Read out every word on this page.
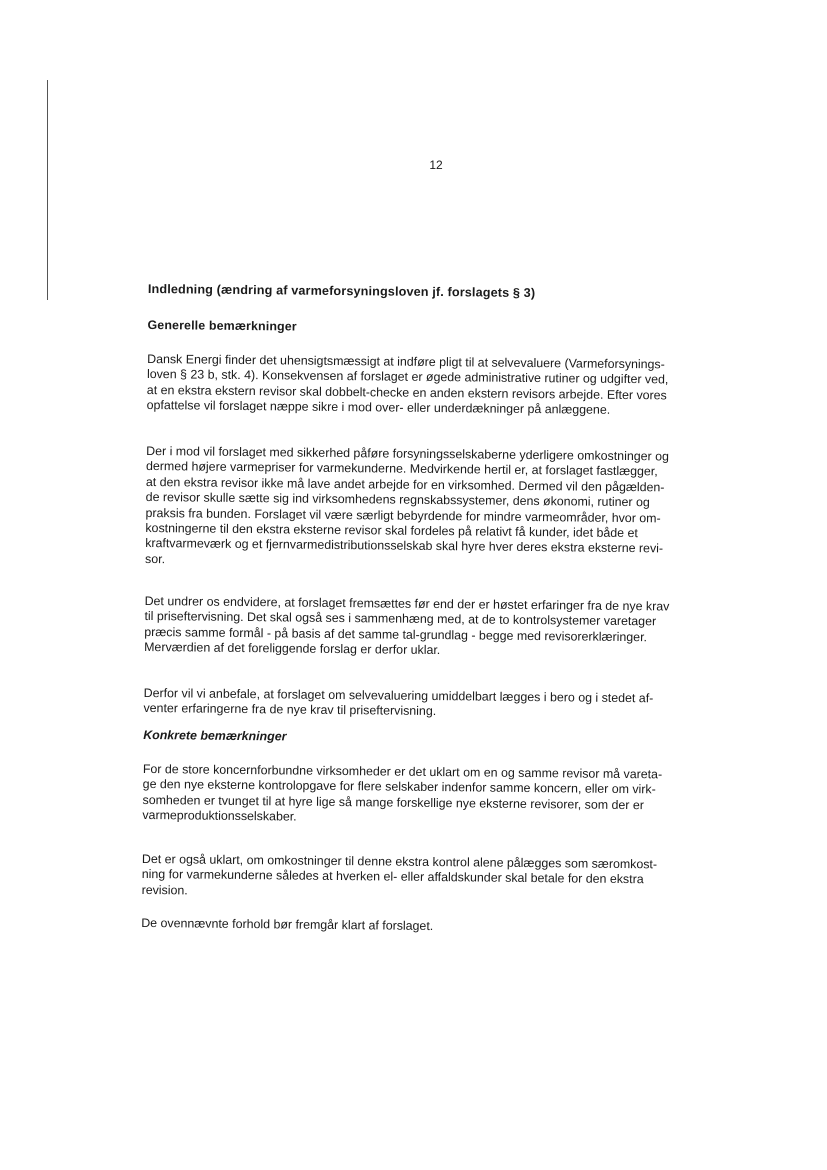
12
Indledning (ændring af varmeforsyningsloven jf. forslagets § 3)
Generelle bemærkninger
Dansk Energi finder det uhensigtsmæssigt at indføre pligt til at selvevaluere (Varmeforsynings-
loven § 23 b, stk. 4). Konsekvensen af forslaget er øgede administrative rutiner og udgifter ved,
at en ekstra ekstern revisor skal dobbelt-checke en anden ekstern revisors arbejde. Efter vores
opfattelse vil forslaget næppe sikre i mod over- eller underdækninger på anlæggene.
Der i mod vil forslaget med sikkerhed påføre forsyningsselskaberne yderligere omkostninger og
dermed højere varmepriser for varmekunderne. Medvirkende hertil er, at forslaget fastlægger,
at den ekstra revisor ikke må lave andet arbejde for en virksomhed. Dermed vil den pågælden-
de revisor skulle sætte sig ind virksomhedens regnskabssystemer, dens økonomi, rutiner og
praksis fra bunden. Forslaget vil være særligt bebyrdende for mindre varmeområder, hvor om-
kostningerne til den ekstra eksterne revisor skal fordeles på relativt få kunder, idet både et
kraftvarmeværk og et fjernvarmedistributionsselskab skal hyre hver deres ekstra eksterne revi-
sor.
Det undrer os endvidere, at forslaget fremsættes før end der er høstet erfaringer fra de nye krav
til priseftervisning. Det skal også ses i sammenhæng med, at de to kontrolsystemer varetager
præcis samme formål - på basis af det samme tal-grundlag - begge med revisorerklæringer.
Merværdien af det foreliggende forslag er derfor uklar.
Derfor vil vi anbefale, at forslaget om selvevaluering umiddelbart lægges i bero og i stedet af-
venter erfaringerne fra de nye krav til priseftervisning.
Konkrete bemærkninger
For de store koncernforbundne virksomheder er det uklart om en og samme revisor må vareta-
ge den nye eksterne kontrolopgave for flere selskaber indenfor samme koncern, eller om virk-
somheden er tvunget til at hyre lige så mange forskellige nye eksterne revisorer, som der er
varmeproduktionsselskaber.
Det er også uklart, om omkostninger til denne ekstra kontrol alene pålægges som særomkost-
ning for varmekunderne således at hverken el- eller affaldskunder skal betale for den ekstra
revision.
De ovennævnte forhold bør fremgår klart af forslaget.
